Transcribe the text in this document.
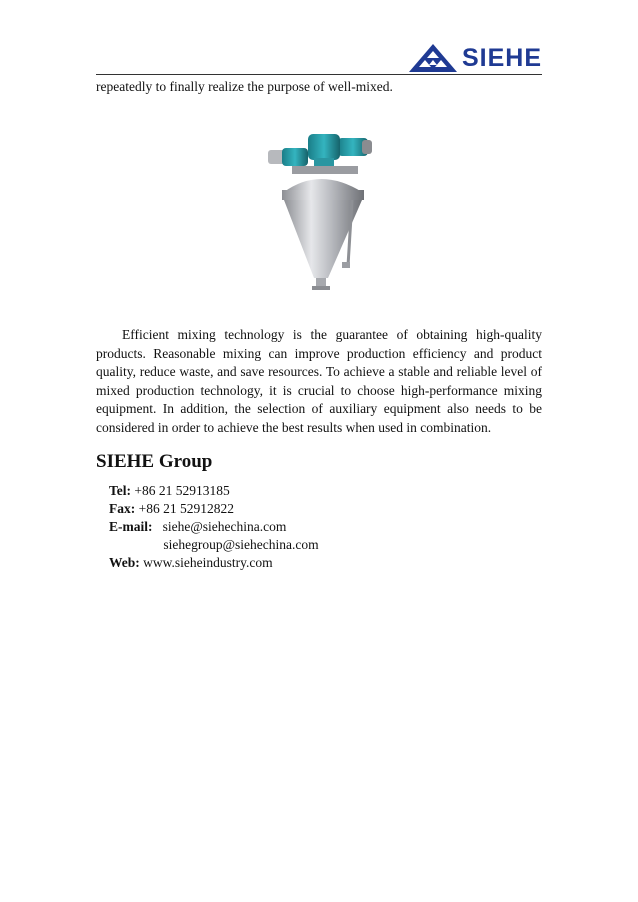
SIEHE
repeatedly to finally realize the purpose of well-mixed.

Efficient mixing technology is the guarantee of obtaining high-quality products. Reasonable mixing can improve production efficiency and product quality, reduce waste, and save resources. To achieve a stable and reliable level of mixed production technology, it is crucial to choose high-performance mixing equipment. In addition, the selection of auxiliary equipment also needs to be considered in order to achieve the best results when used in combination.

SIEHE Group
Tel: +86 21 52913185
Fax: +86 21 52912822
E-mail: siehe@siehechina.com
siehegroup@siehechina.com
Web: www.sieheindustry.com
